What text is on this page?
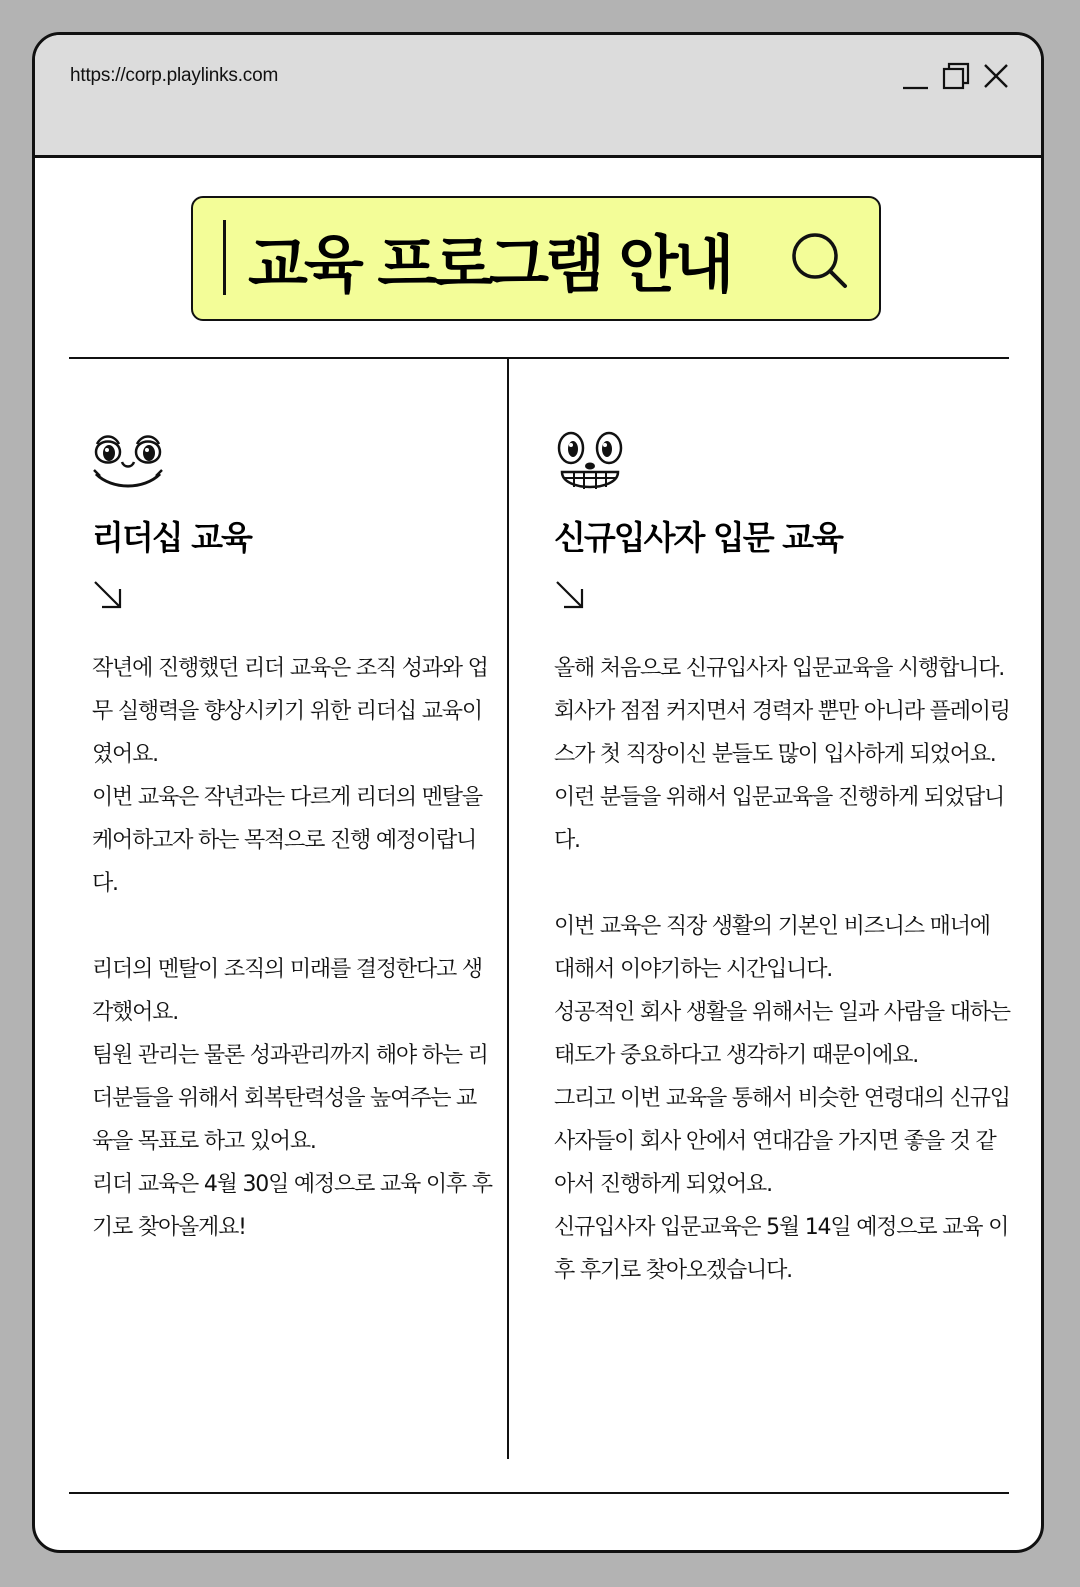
https://corp.playlinks.com
교육 프로그램 안내
리더십 교육
작년에 진행했던 리더 교육은 조직 성과와 업무 실행력을 향상시키기 위한 리더십 교육이였어요.
이번 교육은 작년과는 다르게 리더의 멘탈을 케어하고자 하는 목적으로 진행 예정이랍니다.

리더의 멘탈이 조직의 미래를 결정한다고 생각했어요.
팀원 관리는 물론 성과관리까지 해야 하는 리더분들을 위해서 회복탄력성을 높여주는 교육을 목표로 하고 있어요.
리더 교육은 4월 30일 예정으로 교육 이후 후기로 찾아올게요!
신규입사자 입문 교육
올해 처음으로 신규입사자 입문교육을 시행합니다.
회사가 점점 커지면서 경력자 뿐만 아니라 플레이링스가 첫 직장이신 분들도 많이 입사하게 되었어요.
이런 분들을 위해서 입문교육을 진행하게 되었답니다.

이번 교육은 직장 생활의 기본인 비즈니스 매너에 대해서 이야기하는 시간입니다.
성공적인 회사 생활을 위해서는 일과 사람을 대하는 태도가 중요하다고 생각하기 때문이에요.
그리고 이번 교육을 통해서 비슷한 연령대의 신규입사자들이 회사 안에서 연대감을 가지면 좋을 것 같아서 진행하게 되었어요.
신규입사자 입문교육은 5월 14일 예정으로 교육 이후 후기로 찾아오겠습니다.
